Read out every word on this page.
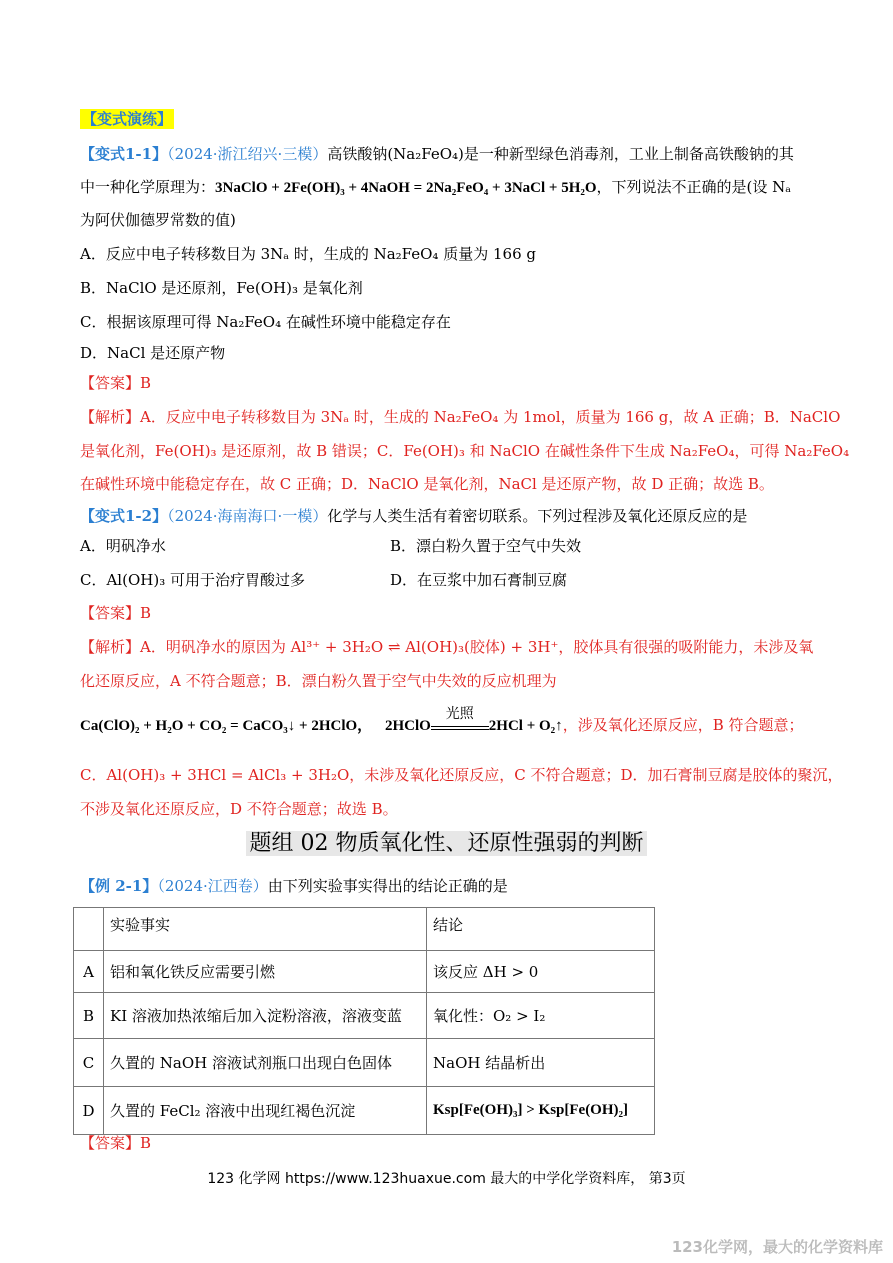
【变式演练】
【变式1-1】（2024·浙江绍兴·三模）高铁酸钠(Na₂FeO₄)是一种新型绿色消毒剂，工业上制备高铁酸钠的其
中一种化学原理为：3NaClO + 2Fe(OH)₃ + 4NaOH = 2Na₂FeO₄ + 3NaCl + 5H₂O，下列说法不正确的是(设 Nₐ
为阿伏伽德罗常数的值)
A．反应中电子转移数目为 3Nₐ 时，生成的 Na₂FeO₄ 质量为 166 g
B．NaClO 是还原剂，Fe(OH)₃ 是氧化剂
C．根据该原理可得 Na₂FeO₄ 在碱性环境中能稳定存在
D．NaCl 是还原产物
【答案】B
【解析】A．反应中电子转移数目为 3Nₐ 时，生成的 Na₂FeO₄ 为 1mol，质量为 166 g，故 A 正确；B．NaClO
是氧化剂，Fe(OH)₃ 是还原剂，故 B 错误；C．Fe(OH)₃ 和 NaClO 在碱性条件下生成 Na₂FeO₄，可得 Na₂FeO₄
在碱性环境中能稳定存在，故 C 正确；D．NaClO 是氧化剂，NaCl 是还原产物，故 D 正确；故选 B。
【变式1-2】（2024·海南海口·一模）化学与人类生活有着密切联系。下列过程涉及氧化还原反应的是
A．明矾净水	B．漂白粉久置于空气中失效
C．Al(OH)₃ 可用于治疗胃酸过多	D．在豆浆中加石膏制豆腐
【答案】B
【解析】A．明矾净水的原因为 Al³⁺ + 3H₂O ⇌ Al(OH)₃(胶体) + 3H⁺，胶体具有很强的吸附能力，未涉及氧
化还原反应，A 不符合题意；B．漂白粉久置于空气中失效的反应机理为
Ca(ClO)₂ + H₂O + CO₂ = CaCO₃↓ + 2HClO， 2HClO
光照
2HCl + O₂↑，涉及氧化还原反应，B 符合题意；
C．Al(OH)₃ + 3HCl = AlCl₃ + 3H₂O，未涉及氧化还原反应，C 不符合题意；D．加石膏制豆腐是胶体的聚沉，
不涉及氧化还原反应，D 不符合题意；故选 B。
题组 02 物质氧化性、还原性强弱的判断
【例 2-1】（2024·江西卷）由下列实验事实得出的结论正确的是
	实验事实	结论
A	铝和氧化铁反应需要引燃	该反应 ΔH > 0
B	KI 溶液加热浓缩后加入淀粉溶液，溶液变蓝	氧化性：O₂ > I₂
C	久置的 NaOH 溶液试剂瓶口出现白色固体	NaOH 结晶析出
D	久置的 FeCl₂ 溶液中出现红褐色沉淀	Ksp[Fe(OH)₃] > Ksp[Fe(OH)₂]
【答案】B
123 化学网 https://www.123huaxue.com 最大的中学化学资料库， 第3页
123化学网，最大的化学资料库
